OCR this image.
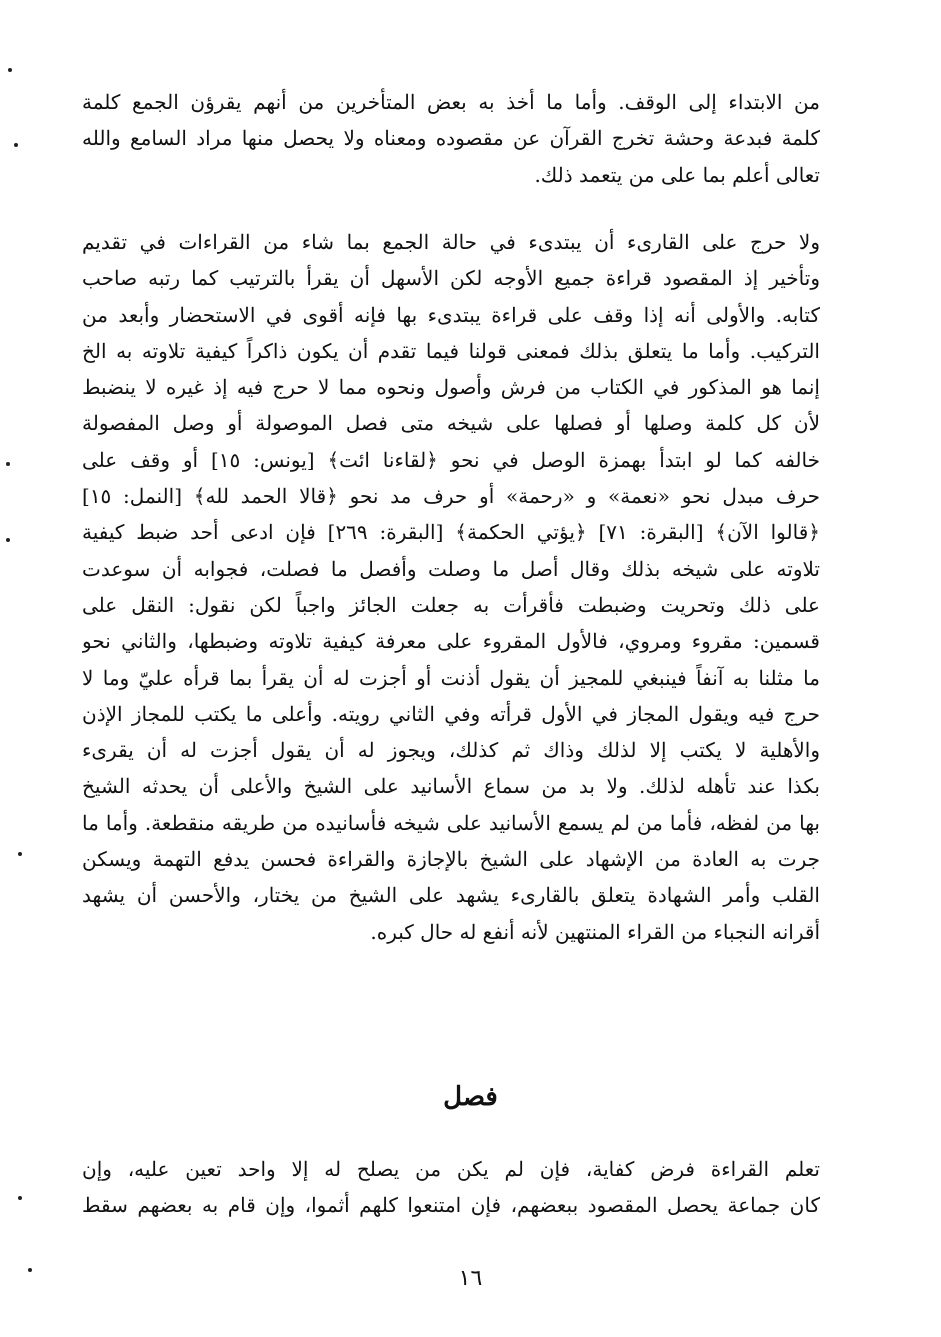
من الابتداء إلى الوقف. وأما ما أخذ به بعض المتأخرين من أنهم يقرؤن الجمع كلمة
كلمة فبدعة وحشة تخرج القرآن عن مقصوده ومعناه ولا يحصل منها مراد السامع والله
تعالى أعلم بما على من يتعمد ذلك.
ولا حرج على القارىء أن يبتدىء في حالة الجمع بما شاء من القراءات في تقديم
وتأخير إذ المقصود قراءة جميع الأوجه لكن الأسهل أن يقرأ بالترتيب كما رتبه صاحب
كتابه. والأولى أنه إذا وقف على قراءة يبتدىء بها فإنه أقوى في الاستحضار وأبعد من
التركيب. وأما ما يتعلق بذلك فمعنى قولنا فيما تقدم أن يكون ذاكراً كيفية تلاوته به الخ
إنما هو المذكور في الكتاب من فرش وأصول ونحوه مما لا حرج فيه إذ غيره لا ينضبط
لأن كل كلمة وصلها أو فصلها على شيخه متى فصل الموصولة أو وصل المفصولة
خالفه كما لو ابتدأ بهمزة الوصل في نحو ﴿لقاءنا ائت﴾ [يونس: ١٥] أو وقف على
حرف مبدل نحو «نعمة» و «رحمة» أو حرف مد نحو ﴿قالا الحمد لله﴾ [النمل: ١٥]
﴿قالوا الآن﴾ [البقرة: ٧١] ﴿يؤتي الحكمة﴾ [البقرة: ٢٦٩] فإن ادعى أحد ضبط كيفية
تلاوته على شيخه بذلك وقال أصل ما وصلت وأفصل ما فصلت، فجوابه أن سوعدت
على ذلك وتحريت وضبطت فأقرأت به جعلت الجائز واجباً لكن نقول: النقل على
قسمين: مقروء ومروي، فالأول المقروء على معرفة كيفية تلاوته وضبطها، والثاني نحو
ما مثلنا به آنفاً فينبغي للمجيز أن يقول أذنت أو أجزت له أن يقرأ بما قرأه عليّ وما لا
حرج فيه ويقول المجاز في الأول قرأته وفي الثاني رويته. وأعلى ما يكتب للمجاز الإذن
والأهلية لا يكتب إلا لذلك وذاك ثم كذلك، ويجوز له أن يقول أجزت له أن يقرىء
بكذا عند تأهله لذلك. ولا بد من سماع الأسانيد على الشيخ والأعلى أن يحدثه الشيخ
بها من لفظه، فأما من لم يسمع الأسانيد على شيخه فأسانيده من طريقه منقطعة. وأما ما
جرت به العادة من الإشهاد على الشيخ بالإجازة والقراءة فحسن يدفع التهمة ويسكن
القلب وأمر الشهادة يتعلق بالقارىء يشهد على الشيخ من يختار، والأحسن أن يشهد
أقرانه النجباء من القراء المنتهين لأنه أنفع له حال كبره.
فصل
تعلم القراءة فرض كفاية، فإن لم يكن من يصلح له إلا واحد تعين عليه، وإن
كان جماعة يحصل المقصود ببعضهم، فإن امتنعوا كلهم أثموا، وإن قام به بعضهم سقط
١٦
